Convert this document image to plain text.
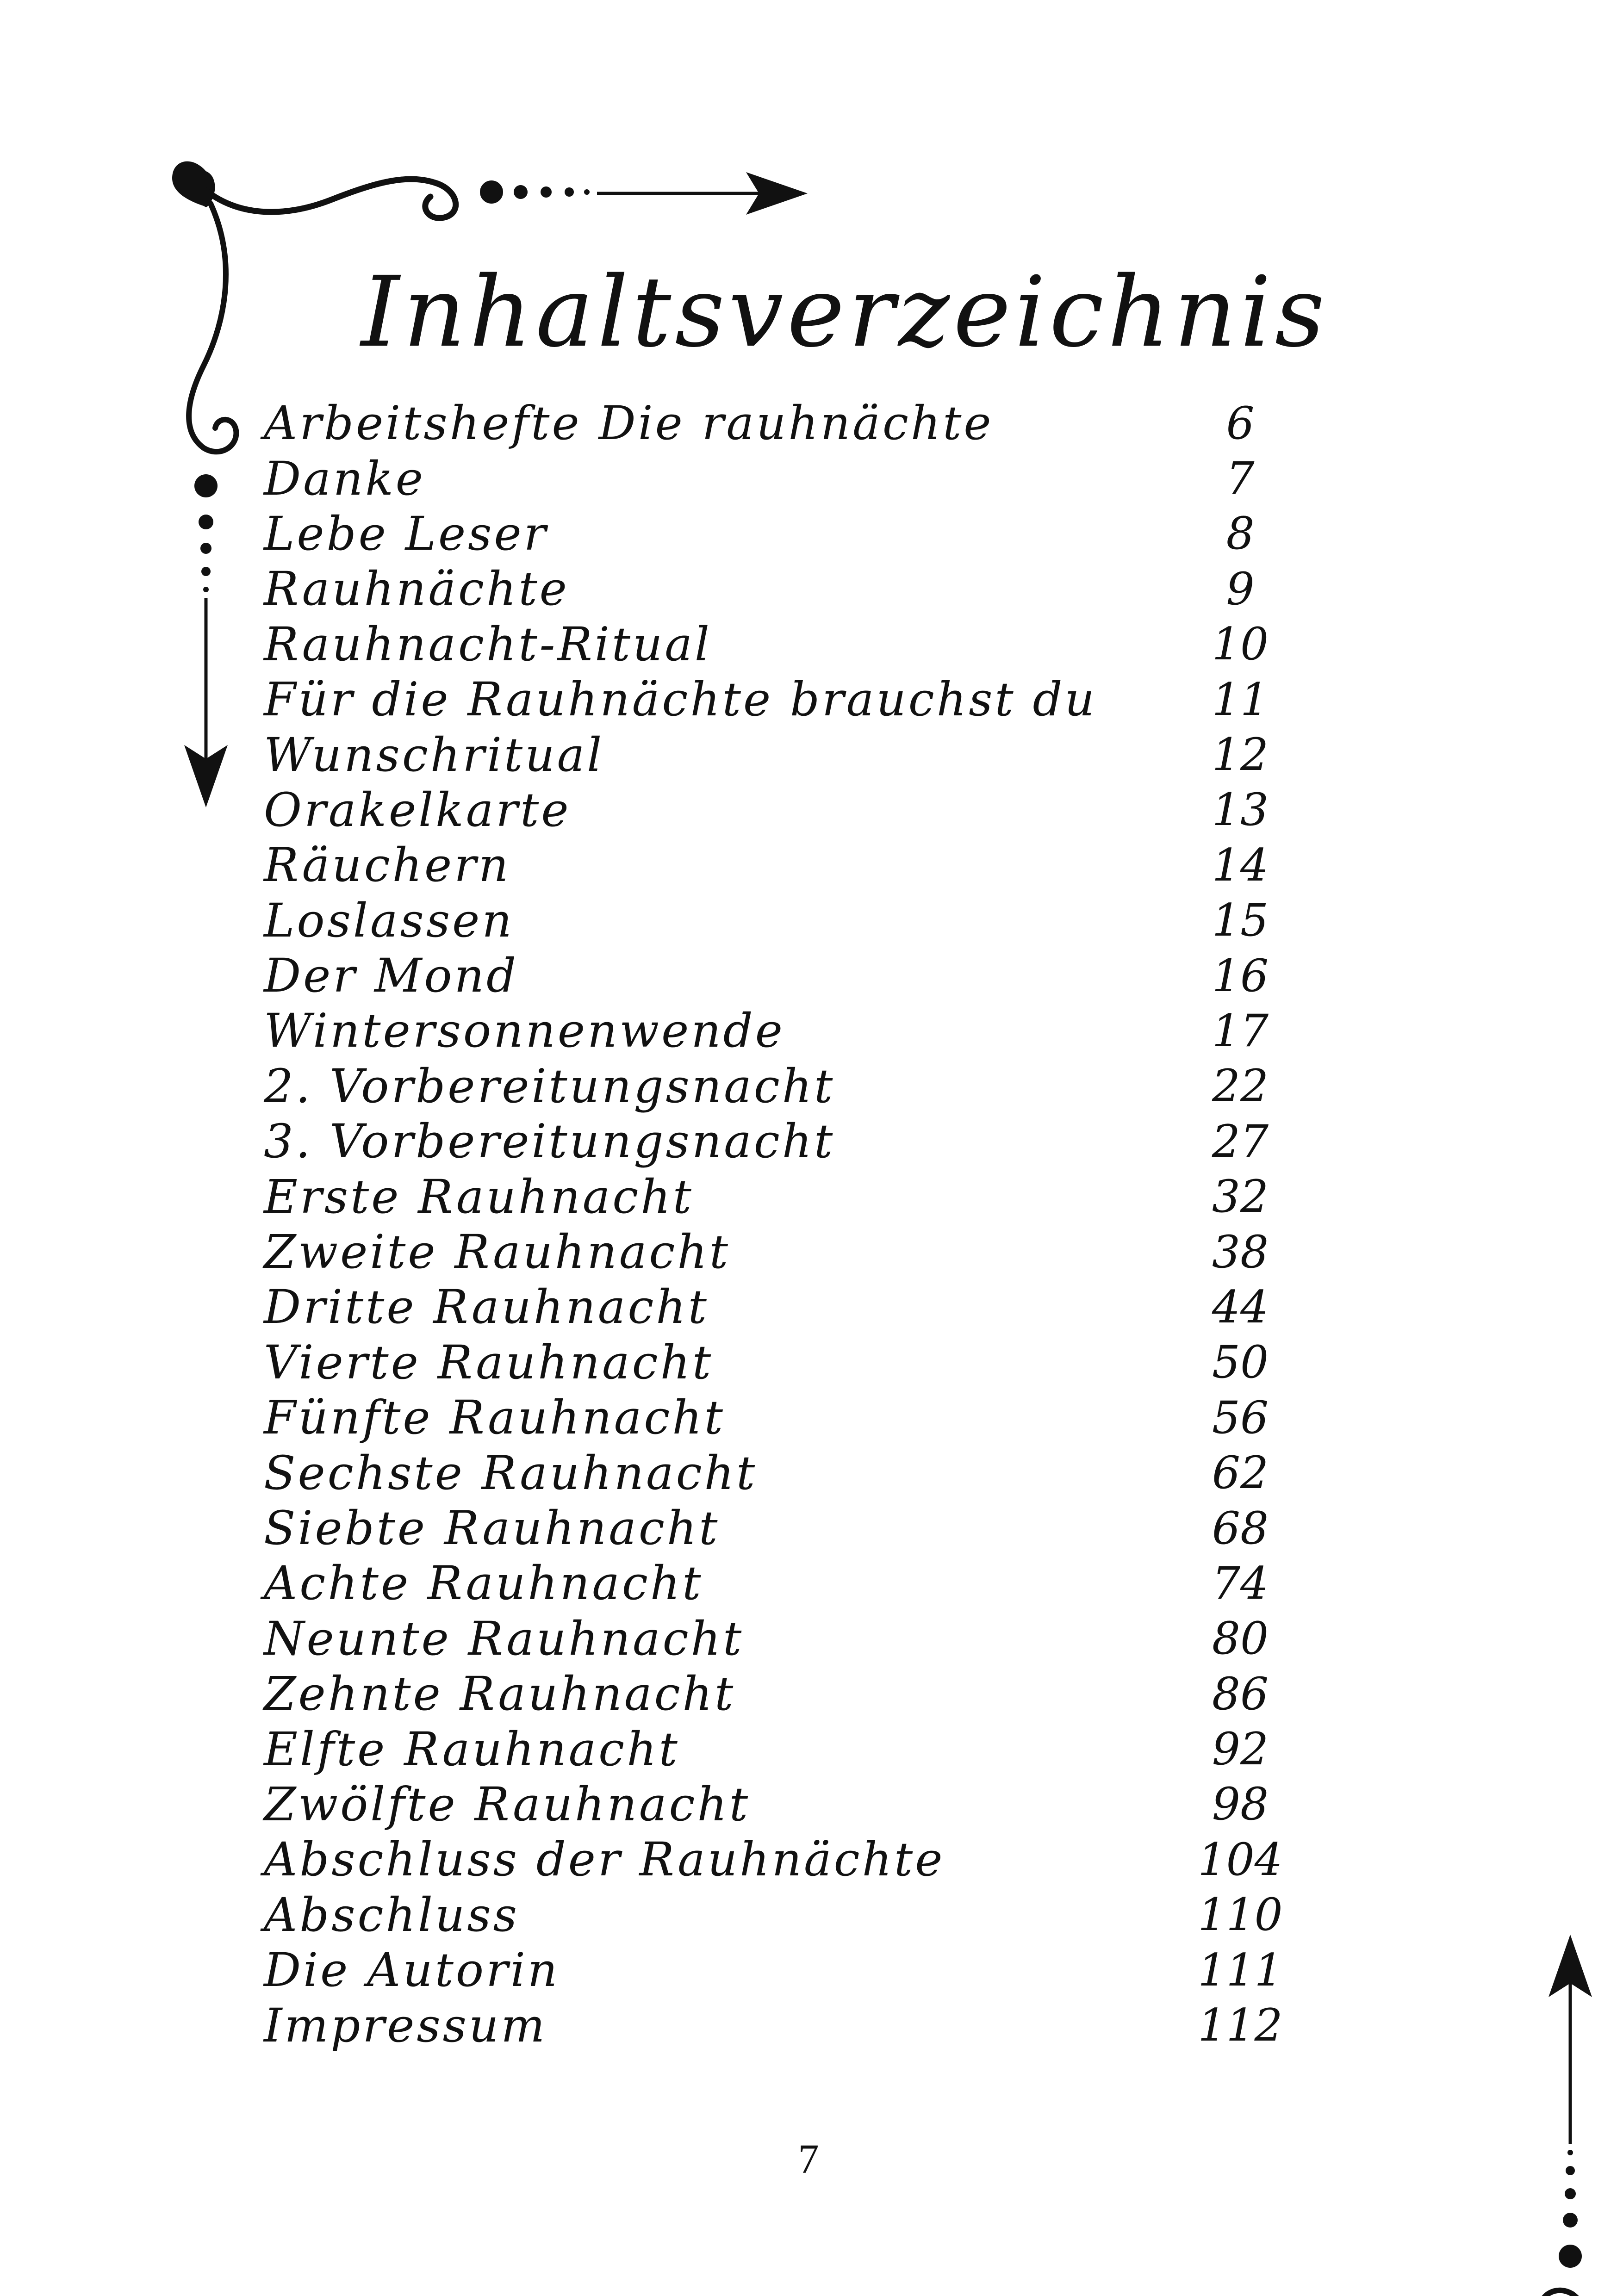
Inhaltsverzeichnis
Arbeitshefte Die rauhnächte	6
Danke	7
Lebe Leser	8
Rauhnächte	9
Rauhnacht-Ritual	10
Für die Rauhnächte brauchst du	11
Wunschritual	12
Orakelkarte	13
Räuchern	14
Loslassen	15
Der Mond	16
Wintersonnenwende	17
2. Vorbereitungsnacht	22
3. Vorbereitungsnacht	27
Erste Rauhnacht	32
Zweite Rauhnacht	38
Dritte Rauhnacht	44
Vierte Rauhnacht	50
Fünfte Rauhnacht	56
Sechste Rauhnacht	62
Siebte Rauhnacht	68
Achte Rauhnacht	74
Neunte Rauhnacht	80
Zehnte Rauhnacht	86
Elfte Rauhnacht	92
Zwölfte Rauhnacht	98
Abschluss der Rauhnächte	104
Abschluss	110
Die Autorin	111
Impressum	112
7
